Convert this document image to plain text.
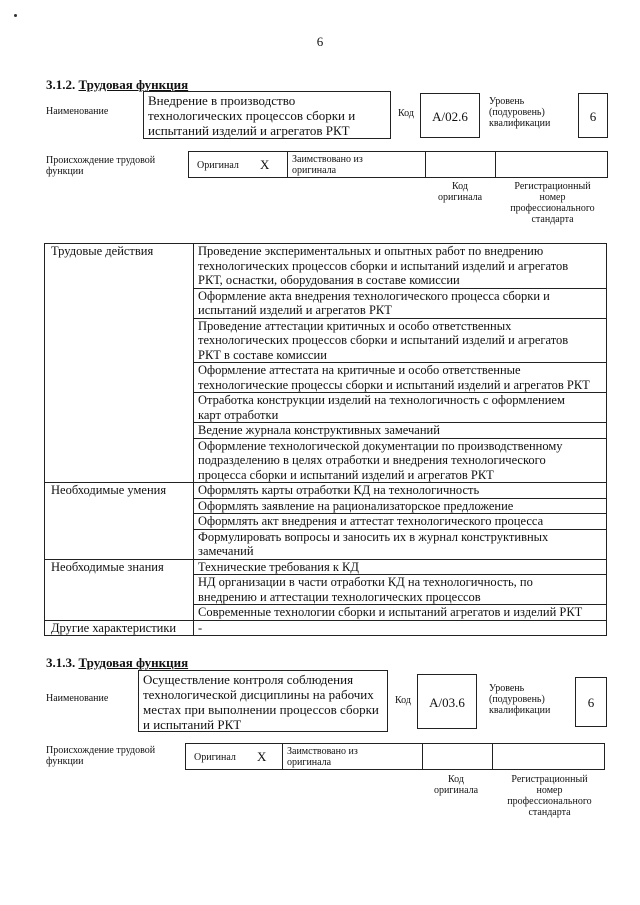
6
3.1.2. Трудовая функция
Наименование
Внедрение в производство
технологических процессов сборки и
испытаний изделий и агрегатов РКТ
Код	A/02.6
Уровень
(подуровень)
квалификации	6
Происхождение трудовой
функции
Оригинал X Заимствовано из
оригинала
Код
оригинала
Регистрационный
номер
профессионального
стандарта
Трудовые действия	Проведение экспериментальных и опытных работ по внедрению
технологических процессов сборки и испытаний изделий и агрегатов
РКТ, оснастки, оборудования в составе комиссии

	Оформление акта внедрения технологического процесса сборки и
испытаний изделий и агрегатов РКТ

	Проведение аттестации критичных и особо ответственных
технологических процессов сборки и испытаний изделий и агрегатов
РКТ в составе комиссии

	Оформление аттестата на критичные и особо ответственные
технологические процессы сборки и испытаний изделий и агрегатов РКТ

	Отработка конструкции изделий на технологичность с оформлением
карт отработки

	Ведение журнала конструктивных замечаний

	Оформление технологической документации по производственному
подразделению в целях отработки и внедрения технологического
процесса сборки и испытаний изделий и агрегатов РКТ

Необходимые умения	Оформлять карты отработки КД на технологичность

	Оформлять заявление на рационализаторское предложение

	Оформлять акт внедрения и аттестат технологического процесса

	Формулировать вопросы и заносить их в журнал конструктивных
замечаний

Необходимые знания	Технические требования к КД

	НД организации в части отработки КД на технологичность, по
внедрению и аттестации технологических процессов

	Современные технологии сборки и испытаний агрегатов и изделий РКТ

Другие характеристики	-
3.1.3. Трудовая функция
Наименование
Осуществление контроля соблюдения
технологической дисциплины на рабочих
местах при выполнении процессов сборки
и испытаний РКТ
Код	A/03.6
Уровень
(подуровень)
квалификации
6
Происхождение трудовой
функции	Оригинал X Заимствовано из
оригинала
Код
оригинала
Регистрационный
номер
профессионального
стандарта
